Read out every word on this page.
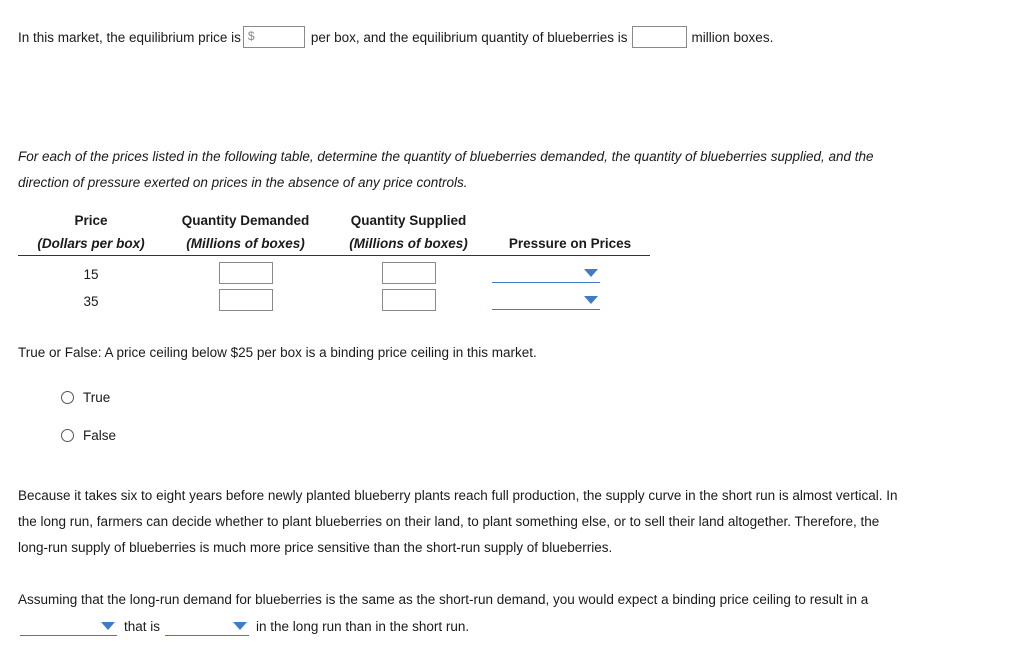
In this market, the equilibrium price is $	per box, and the equilibrium quantity of blueberries is	million boxes.
For each of the prices listed in the following table, determine the quantity of blueberries demanded, the quantity of blueberries supplied, and the
direction of pressure exerted on prices in the absence of any price controls.
Price	Quantity Demanded	Quantity Supplied	
(Dollars per box)	(Millions of boxes)	(Millions of boxes)	Pressure on Prices

15			

35			
True or False: A price ceiling below $25 per box is a binding price ceiling in this market.
True
False
Because it takes six to eight years before newly planted blueberry plants reach full production, the supply curve in the short run is almost vertical. In
the long run, farmers can decide whether to plant blueberries on their land, to plant something else, or to sell their land altogether. Therefore, the
long-run supply of blueberries is much more price sensitive than the short-run supply of blueberries.
Assuming that the long-run demand for blueberries is the same as the short-run demand, you would expect a binding price ceiling to result in a
that is	in the long run than in the short run.
